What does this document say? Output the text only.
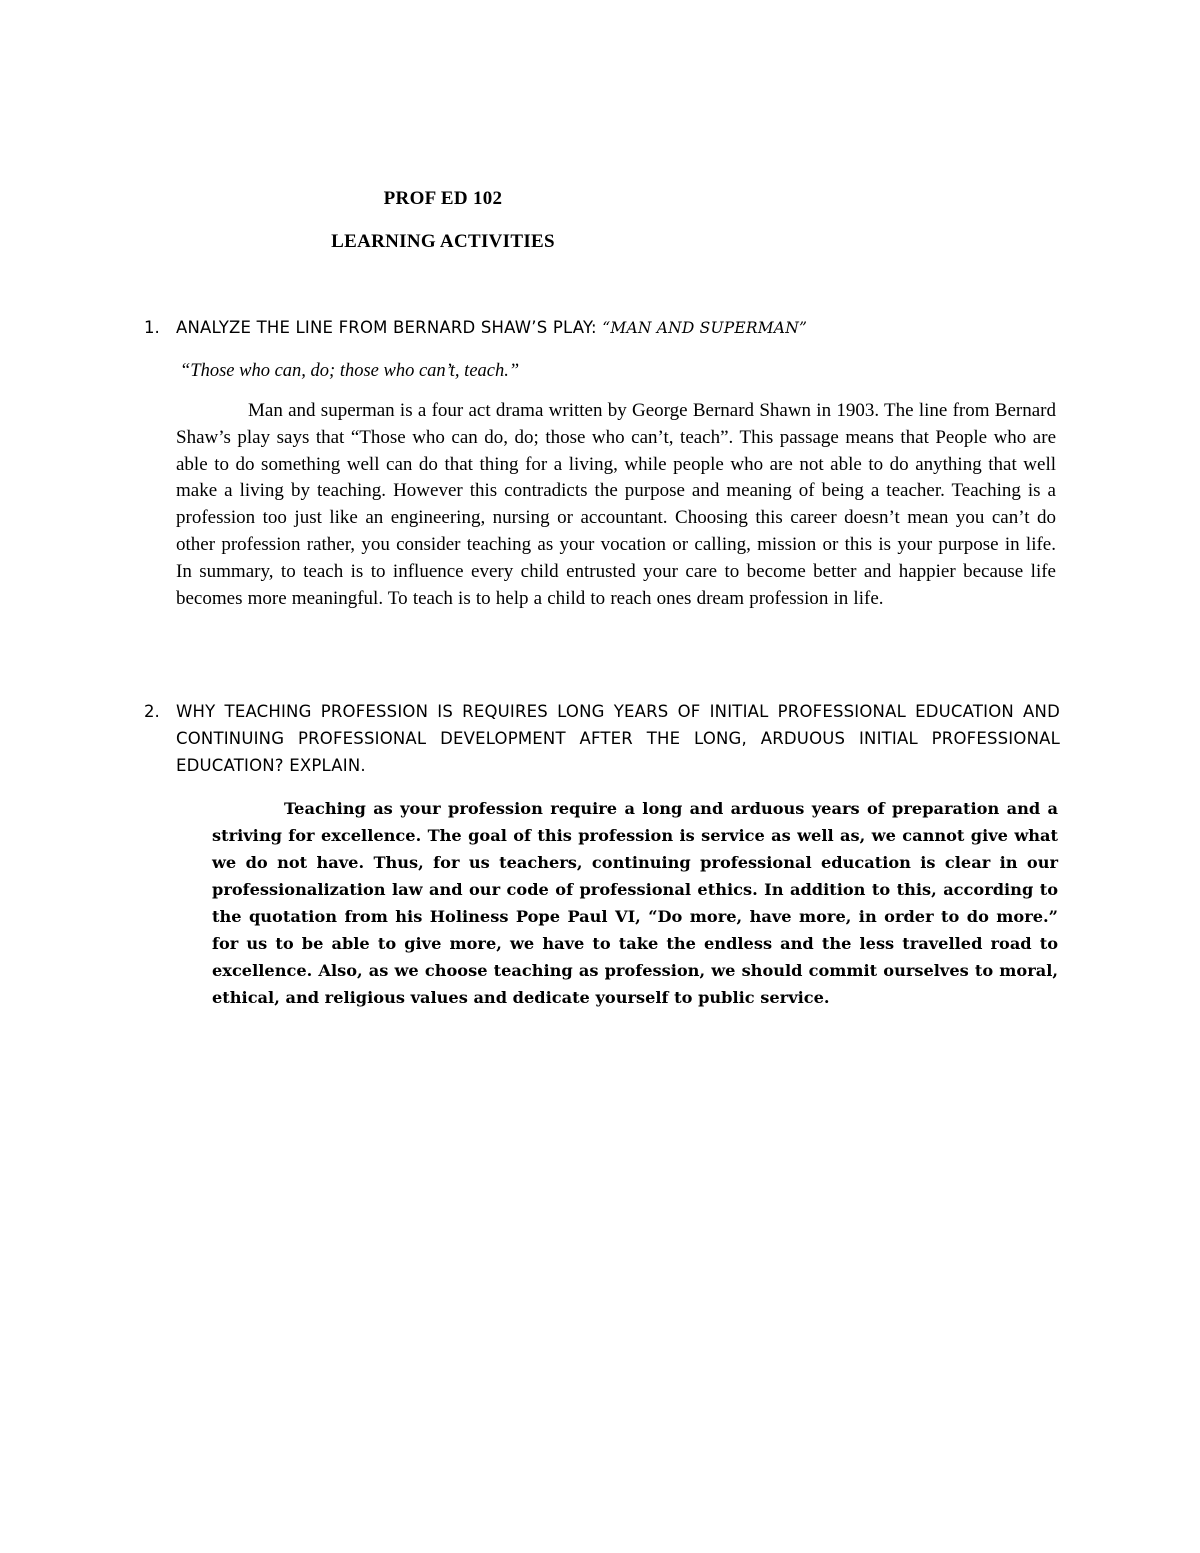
PROF ED 102
LEARNING ACTIVITIES
1. ANALYZE THE LINE FROM BERNARD SHAW’S PLAY: “MAN AND SUPERMAN”
“Those who can, do; those who can’t, teach.”
Man and superman is a four act drama written by George Bernard Shawn in 1903. The line from Bernard Shaw’s play says that “Those who can do, do; those who can’t, teach”. This passage means that People who are able to do something well can do that thing for a living, while people who are not able to do anything that well make a living by teaching. However this contradicts the purpose and meaning of being a teacher. Teaching is a profession too just like an engineering, nursing or accountant. Choosing this career doesn’t mean you can’t do other profession rather, you consider teaching as your vocation or calling, mission or this is your purpose in life. In summary, to teach is to influence every child entrusted your care to become better and happier because life becomes more meaningful. To teach is to help a child to reach ones dream profession in life.
2. WHY TEACHING PROFESSION IS REQUIRES LONG YEARS OF INITIAL PROFESSIONAL EDUCATION AND CONTINUING PROFESSIONAL DEVELOPMENT AFTER THE LONG, ARDUOUS INITIAL PROFESSIONAL EDUCATION? EXPLAIN.
Teaching as your profession require a long and arduous years of preparation and a striving for excellence. The goal of this profession is service as well as, we cannot give what we do not have. Thus, for us teachers, continuing professional education is clear in our professionalization law and our code of professional ethics. In addition to this, according to the quotation from his Holiness Pope Paul VI, “Do more, have more, in order to do more.” for us to be able to give more, we have to take the endless and the less travelled road to excellence. Also, as we choose teaching as profession, we should commit ourselves to moral, ethical, and religious values and dedicate yourself to public service.
